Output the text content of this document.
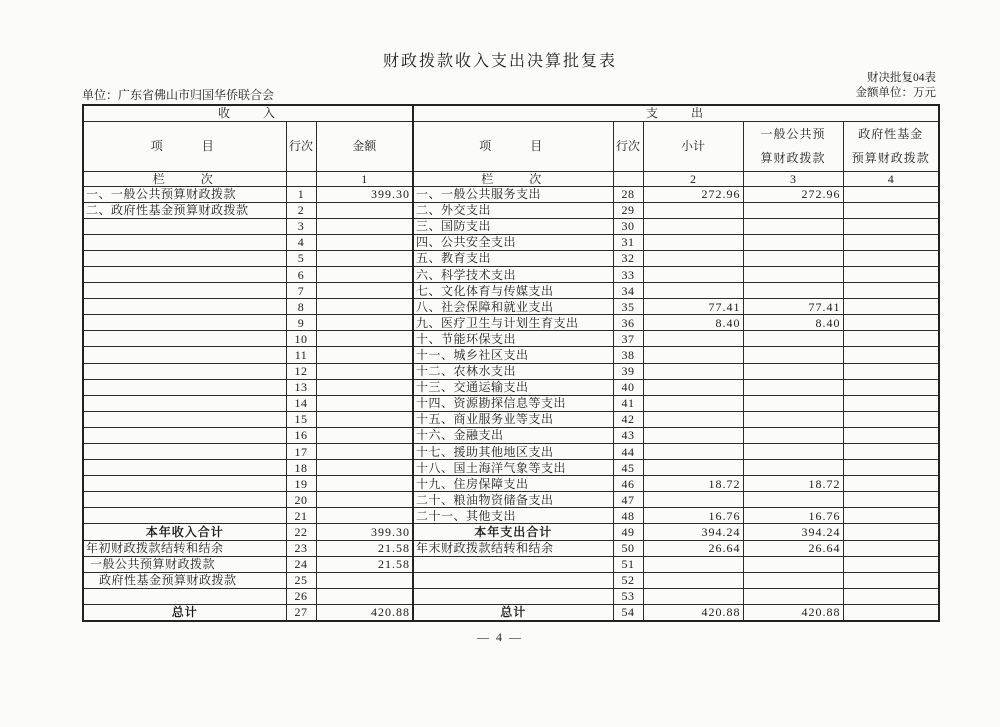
财政拨款收入支出决算批复表
财决批复04表
金额单位：万元
单位：广东省佛山市归国华侨联合会
收　　入			支　　出				
项　　目	行次	金额	项　　目	行次	小计	一般公共预
算财政拨款	政府性基金
预算财政拨款

栏　　次		1	栏　　次		2	3	4
一、一般公共预算财政拨款	1	399.30	一、一般公共服务支出	28	272.96	272.96	
二、政府性基金预算财政拨款	2		二、外交支出	29			
	3		三、国防支出	30			
	4		四、公共安全支出	31			
	5		五、教育支出	32			
	6		六、科学技术支出	33			
	7		七、文化体育与传媒支出	34			
	8		八、社会保障和就业支出	35	77.41	77.41	
	9		九、医疗卫生与计划生育支出	36	8.40	8.40	
	10		十、节能环保支出	37			
	11		十一、城乡社区支出	38			
	12		十二、农林水支出	39			
	13		十三、交通运输支出	40			
	14		十四、资源勘探信息等支出	41			
	15		十五、商业服务业等支出	42			
	16		十六、金融支出	43			
	17		十七、援助其他地区支出	44			
	18		十八、国土海洋气象等支出	45			
	19		十九、住房保障支出	46	18.72	18.72	
	20		二十、粮油物资储备支出	47			
	21		二十一、其他支出	48	16.76	16.76	
本年收入合计	22	399.30	本年支出合计	49	394.24	394.24	
年初财政拨款结转和结余	23	21.58	年末财政拨款结转和结余	50	26.64	26.64	
一般公共预算财政拨款	24	21.58		51			
政府性基金预算财政拨款	25			52			
	26			53			
总计	27	420.88	总计	54	420.88	420.88	
— 4 —
